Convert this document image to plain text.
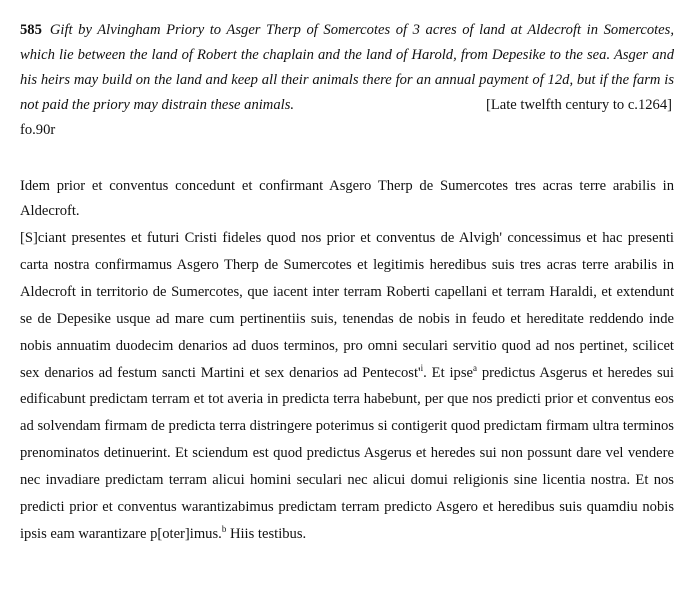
585 Gift by Alvingham Priory to Asger Therp of Somercotes of 3 acres of land at Aldecroft in Somercotes, which lie between the land of Robert the chaplain and the land of Harold, from Depesike to the sea. Asger and his heirs may build on the land and keep all their animals there for an annual payment of 12d, but if the farm is not paid the priory may distrain these animals.	[Late twelfth century to c.1264]

fo.90r

Idem prior et conventus concedunt et confirmant Asgero Therp de Sumercotes tres acras terre arabilis in Aldecroft.

[S]ciant presentes et futuri Cristi fideles quod nos prior et conventus de Alvigh' concessimus et hac presenti carta nostra confirmamus Asgero Therp de Sumercotes et legitimis heredibus suis tres acras terre arabilis in Aldecroft in territorio de Sumercotes, que iacent inter terram Roberti capellani et terram Haraldi, et extendunt se de Depesike usque ad mare cum pertinentiis suis, tenendas de nobis in feudo et hereditate reddendo inde nobis annuatim duodecim denarios ad duos terminos, pro omni seculari servitio quod ad nos pertinet, scilicet sex denarios ad festum sancti Martini et sex denarios ad Pentecost'$^i$. Et ipse$^a$ predictus Asgerus et heredes sui edificabunt predictam terram et tot averia in predicta terra habebunt, per que nos predicti prior et conventus eos ad solvendam firmam de predicta terra distringere poterimus si contigerit quod predictam firmam ultra terminos prenominatos detinuerint. Et sciendum est quod predictus Asgerus et heredes sui non possunt dare vel vendere nec invadiare predictam terram alicui homini seculari nec alicui domui religionis sine licentia nostra. Et nos predicti prior et conventus warantizabimus predictam terram predicto Asgero et heredibus suis quamdiu nobis ipsis eam warantizare p[oter]imus.$^b$ Hiis testibus.
